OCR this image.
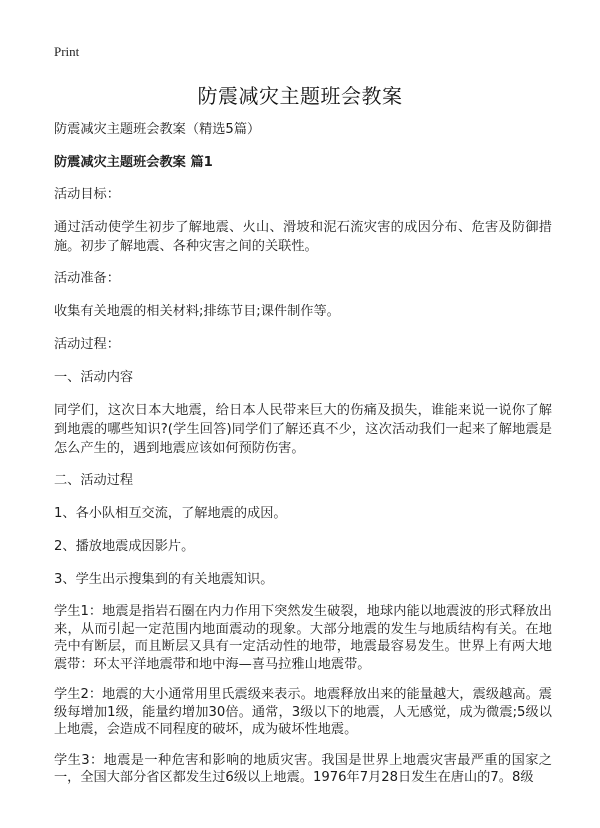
Print
防震减灾主题班会教案

防震减灾主题班会教案（精选5篇）

防震减灾主题班会教案 篇1

活动目标：

通过活动使学生初步了解地震、火山、滑坡和泥石流灾害的成因分布、危害及防御措施。初步了解地震、各种灾害之间的关联性。

活动准备：

收集有关地震的相关材料;排练节目;课件制作等。

活动过程：

一、活动内容

同学们，这次日本大地震，给日本人民带来巨大的伤痛及损失，谁能来说一说你了解到地震的哪些知识?(学生回答)同学们了解还真不少，这次活动我们一起来了解地震是怎么产生的，遇到地震应该如何预防伤害。

二、活动过程

1、各小队相互交流，了解地震的成因。

2、播放地震成因影片。

3、学生出示搜集到的有关地震知识。

学生1：地震是指岩石圈在内力作用下突然发生破裂，地球内能以地震波的形式释放出来，从而引起一定范围内地面震动的现象。大部分地震的发生与地质结构有关。在地壳中有断层，而且断层又具有一定活动性的地带，地震最容易发生。世界上有两大地震带：环太平洋地震带和地中海—喜马拉雅山地震带。

学生2：地震的大小通常用里氏震级来表示。地震释放出来的能量越大，震级越高。震级每增加1级，能量约增加30倍。通常，3级以下的地震，人无感觉，成为微震;5级以上地震，会造成不同程度的破坏，成为破坏性地震。

学生3：地震是一种危害和影响的地质灾害。我国是世界上地震灾害最严重的国家之一，全国大部分省区都发生过6级以上地震。1976年7月28日发生在唐山的7。8级
